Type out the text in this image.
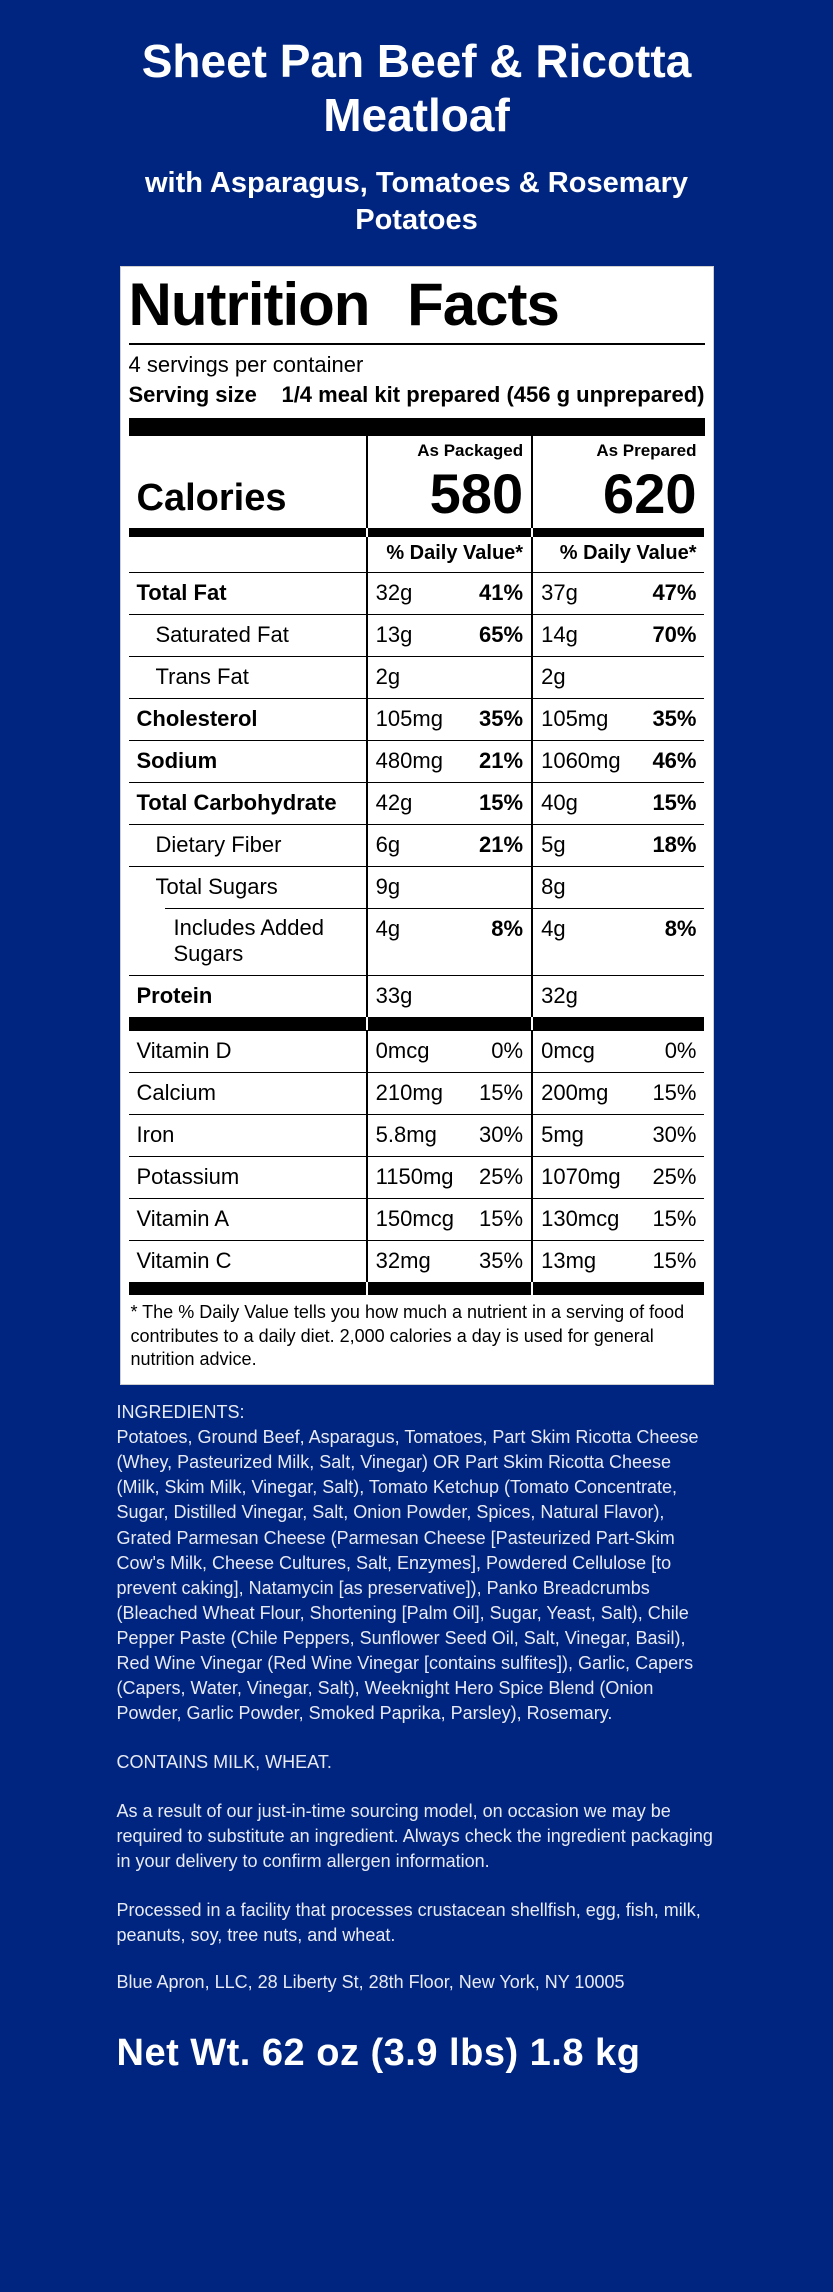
Sheet Pan Beef & Ricotta Meatloaf
with Asparagus, Tomatoes & Rosemary Potatoes
Nutrition Facts
4 servings per container
Serving size 1/4 meal kit prepared (456 g unprepared)
Calories
As Packaged
580
As Prepared
620
% Daily Value*	% Daily Value*
Total Fat	32g	41% 37g	47%
Saturated Fat	13g	65% 14g	70%
Trans Fat	2g	2g
Cholesterol	105mg 35% 105mg 35%
Sodium	480mg 21% 1060mg 46%
Total Carbohydrate	42g	15% 40g	15%
Dietary Fiber	6g	21% 5g	18%
Total Sugars	9g	8g
Includes Added Sugars
4g	8% 4g	8%
Protein	33g	32g
Vitamin D	0mcg	0% 0mcg	0%
Calcium	210mg 15% 200mg 15%
Iron	5.8mg 30% 5mg	30%
Potassium	1150mg 25% 1070mg 25%
Vitamin A	150mcg 15% 130mcg 15%
Vitamin C	32mg 35% 13mg	15%
* The % Daily Value tells you how much a nutrient in a serving of food contributes to a daily diet. 2,000 calories a day is used for general nutrition advice.

INGREDIENTS:

Potatoes, Ground Beef, Asparagus, Tomatoes, Part Skim Ricotta Cheese (Whey, Pasteurized Milk, Salt, Vinegar) OR Part Skim Ricotta Cheese (Milk, Skim Milk, Vinegar, Salt), Tomato Ketchup (Tomato Concentrate, Sugar, Distilled Vinegar, Salt, Onion Powder, Spices, Natural Flavor), Grated Parmesan Cheese (Parmesan Cheese [Pasteurized Part-Skim Cow's Milk, Cheese Cultures, Salt, Enzymes], Powdered Cellulose [to prevent caking], Natamycin [as preservative]), Panko Breadcrumbs (Bleached Wheat Flour, Shortening [Palm Oil], Sugar, Yeast, Salt), Chile Pepper Paste (Chile Peppers, Sunflower Seed Oil, Salt, Vinegar, Basil), Red Wine Vinegar (Red Wine Vinegar [contains sulfites]), Garlic, Capers (Capers, Water, Vinegar, Salt), Weeknight Hero Spice Blend (Onion Powder, Garlic Powder, Smoked Paprika, Parsley), Rosemary.

CONTAINS MILK, WHEAT.

As a result of our just-in-time sourcing model, on occasion we may be required to substitute an ingredient. Always check the ingredient packaging in your delivery to confirm allergen information.

Processed in a facility that processes crustacean shellfish, egg, fish, milk, peanuts, soy, tree nuts, and wheat.

Blue Apron, LLC, 28 Liberty St, 28th Floor, New York, NY 10005

Net Wt. 62 oz (3.9 lbs) 1.8 kg
